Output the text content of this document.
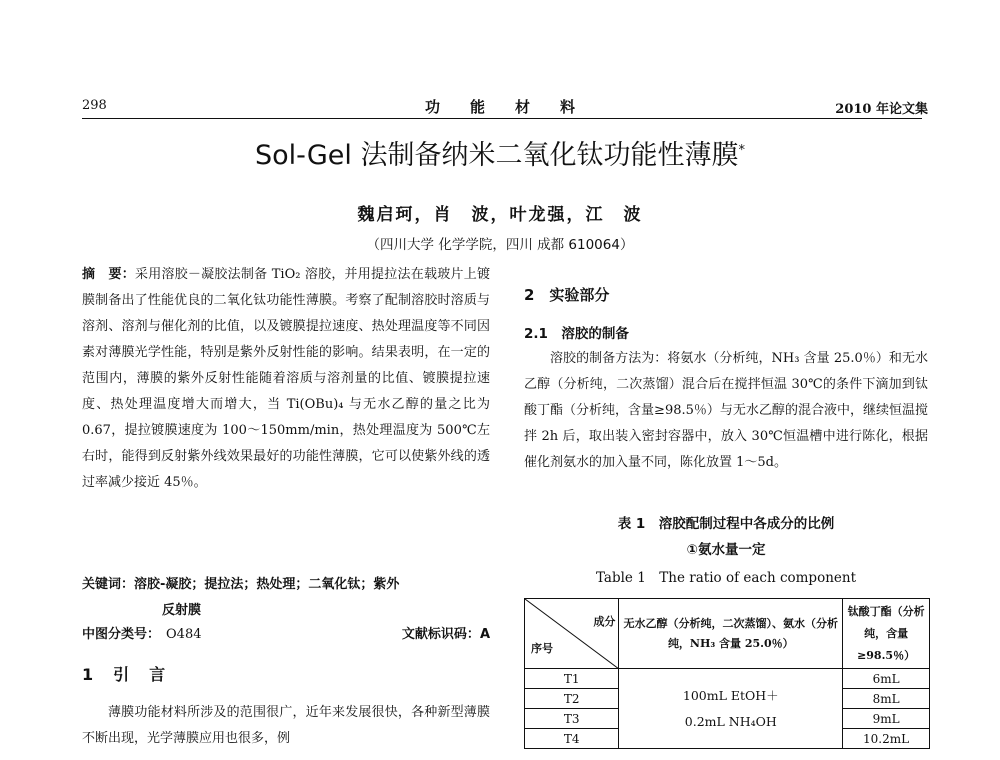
298	功　　能　　材　　料	2010 年论文集
Sol-Gel 法制备纳米二氧化钛功能性薄膜*
魏启珂，肖　波，叶龙强，江　波
（四川大学 化学学院，四川 成都 610064）
摘　要：采用溶胶－凝胶法制备 TiO₂ 溶胶，并用提拉法在载玻片上镀膜制备出了性能优良的二氧化钛功能性薄膜。考察了配制溶胶时溶质与溶剂、溶剂与催化剂的比值，以及镀膜提拉速度、热处理温度等不同因素对薄膜光学性能，特别是紫外反射性能的影响。结果表明，在一定的范围内，薄膜的紫外反射性能随着溶质与溶剂量的比值、镀膜提拉速度、热处理温度增大而增大，当 Ti(OBu)₄ 与无水乙醇的量之比为 0.67，提拉镀膜速度为 100～150mm/min，热处理温度为 500℃左右时，能得到反射紫外线效果最好的功能性薄膜，它可以使紫外线的透过率减少接近 45％。
关键词：溶胶-凝胶；提拉法；热处理；二氧化钛；紫外
反射膜
中图分类号： O484	文献标识码：A
1　引　言
薄膜功能材料所涉及的范围很广，近年来发展很快，各种新型薄膜不断出现，光学薄膜应用也很多，例
2　实验部分
2.1　溶胶的制备
溶胶的制备方法为：将氨水（分析纯，NH₃ 含量 25.0％）和无水乙醇（分析纯，二次蒸馏）混合后在搅拌恒温 30℃的条件下滴加到钛酸丁酯（分析纯，含量≥98.5％）与无水乙醇的混合液中，继续恒温搅拌 2h 后，取出装入密封容器中，放入 30℃恒温槽中进行陈化，根据催化剂氨水的加入量不同，陈化放置 1～5d。
表 1　溶胶配制过程中各成分的比例
①氨水量一定
Table 1　The ratio of each component
成分
序号	无水乙醇（分析纯，二次蒸馏）、氨水（分析纯，NH₃ 含量 25.0％）	钛酸丁酯（分析纯，含量≥98.5％）
T1	100mL EtOH＋
0.2mL NH₄OH	6mL
T2		8mL
T3		9mL
T4		10.2mL
